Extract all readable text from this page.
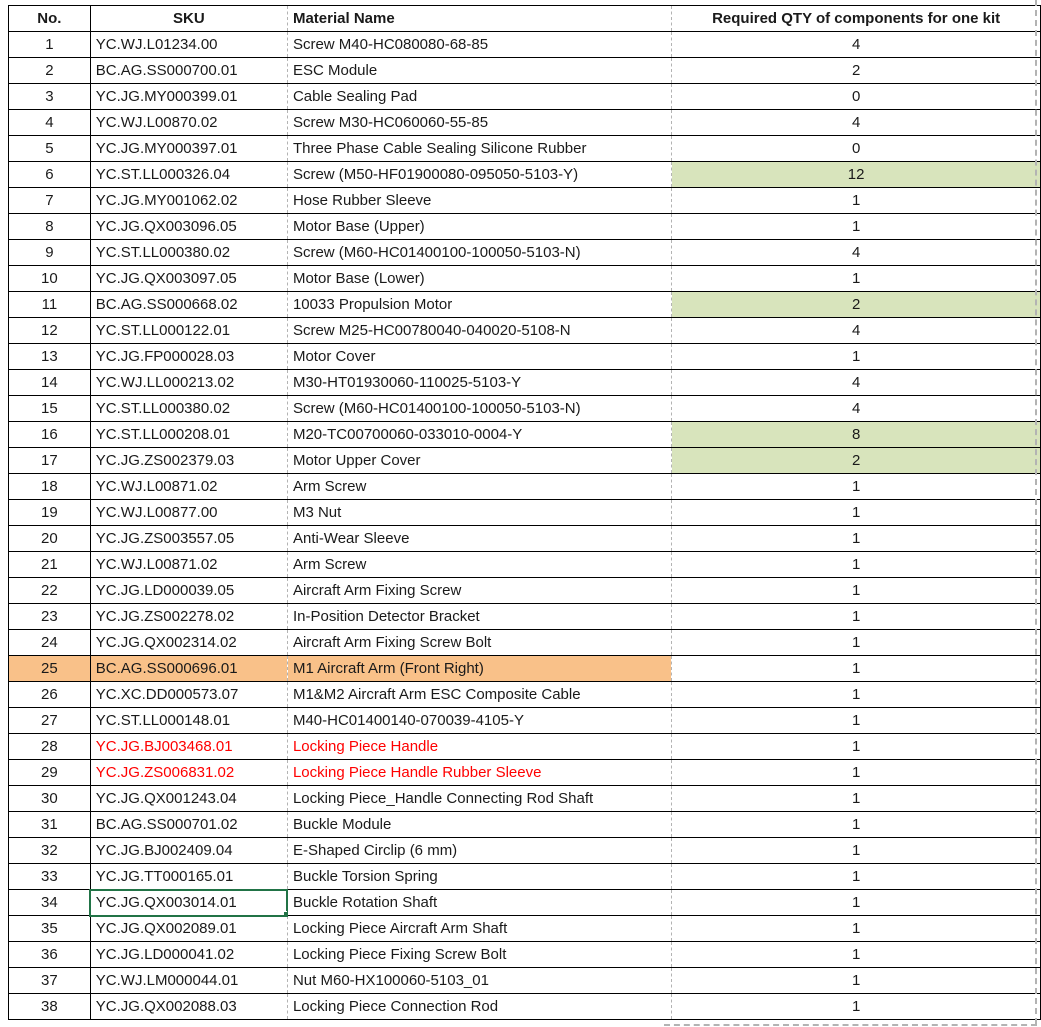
No.	SKU	Material Name	Required QTY of components for one kit
1	YC.WJ.L01234.00	Screw M40-HC080080-68-85	4
2	BC.AG.SS000700.01	ESC Module	2
3	YC.JG.MY000399.01	Cable Sealing Pad	0
4	YC.WJ.L00870.02	Screw M30-HC060060-55-85	4
5	YC.JG.MY000397.01	Three Phase Cable Sealing Silicone Rubber	0
6	YC.ST.LL000326.04	Screw (M50-HF01900080-095050-5103-Y)	12
7	YC.JG.MY001062.02	Hose Rubber Sleeve	1
8	YC.JG.QX003096.05	Motor Base (Upper)	1
9	YC.ST.LL000380.02	Screw (M60-HC01400100-100050-5103-N)	4
10	YC.JG.QX003097.05	Motor Base (Lower)	1
11	BC.AG.SS000668.02	10033 Propulsion Motor	2
12	YC.ST.LL000122.01	Screw M25-HC00780040-040020-5108-N	4
13	YC.JG.FP000028.03	Motor Cover	1
14	YC.WJ.LL000213.02	M30-HT01930060-110025-5103-Y	4
15	YC.ST.LL000380.02	Screw (M60-HC01400100-100050-5103-N)	4
16	YC.ST.LL000208.01	M20-TC00700060-033010-0004-Y	8
17	YC.JG.ZS002379.03	Motor Upper Cover	2
18	YC.WJ.L00871.02	Arm Screw	1
19	YC.WJ.L00877.00	M3 Nut	1
20	YC.JG.ZS003557.05	Anti-Wear Sleeve	1
21	YC.WJ.L00871.02	Arm Screw	1
22	YC.JG.LD000039.05	Aircraft Arm Fixing Screw	1
23	YC.JG.ZS002278.02	In-Position Detector Bracket	1
24	YC.JG.QX002314.02	Aircraft Arm Fixing Screw Bolt	1
25	BC.AG.SS000696.01	M1 Aircraft Arm (Front Right)	1
26	YC.XC.DD000573.07	M1&M2 Aircraft Arm ESC Composite Cable	1
27	YC.ST.LL000148.01	M40-HC01400140-070039-4105-Y	1
28	YC.JG.BJ003468.01	Locking Piece Handle	1
29	YC.JG.ZS006831.02	Locking Piece Handle Rubber Sleeve	1
30	YC.JG.QX001243.04	Locking Piece_Handle Connecting Rod Shaft	1
31	BC.AG.SS000701.02	Buckle Module	1
32	YC.JG.BJ002409.04	E-Shaped Circlip (6 mm)	1
33	YC.JG.TT000165.01	Buckle Torsion Spring	1
34	YC.JG.QX003014.01	Buckle Rotation Shaft	1
35	YC.JG.QX002089.01	Locking Piece Aircraft Arm Shaft	1
36	YC.JG.LD000041.02	Locking Piece Fixing Screw Bolt	1
37	YC.WJ.LM000044.01	Nut M60-HX100060-5103_01	1
38	YC.JG.QX002088.03	Locking Piece Connection Rod	1
